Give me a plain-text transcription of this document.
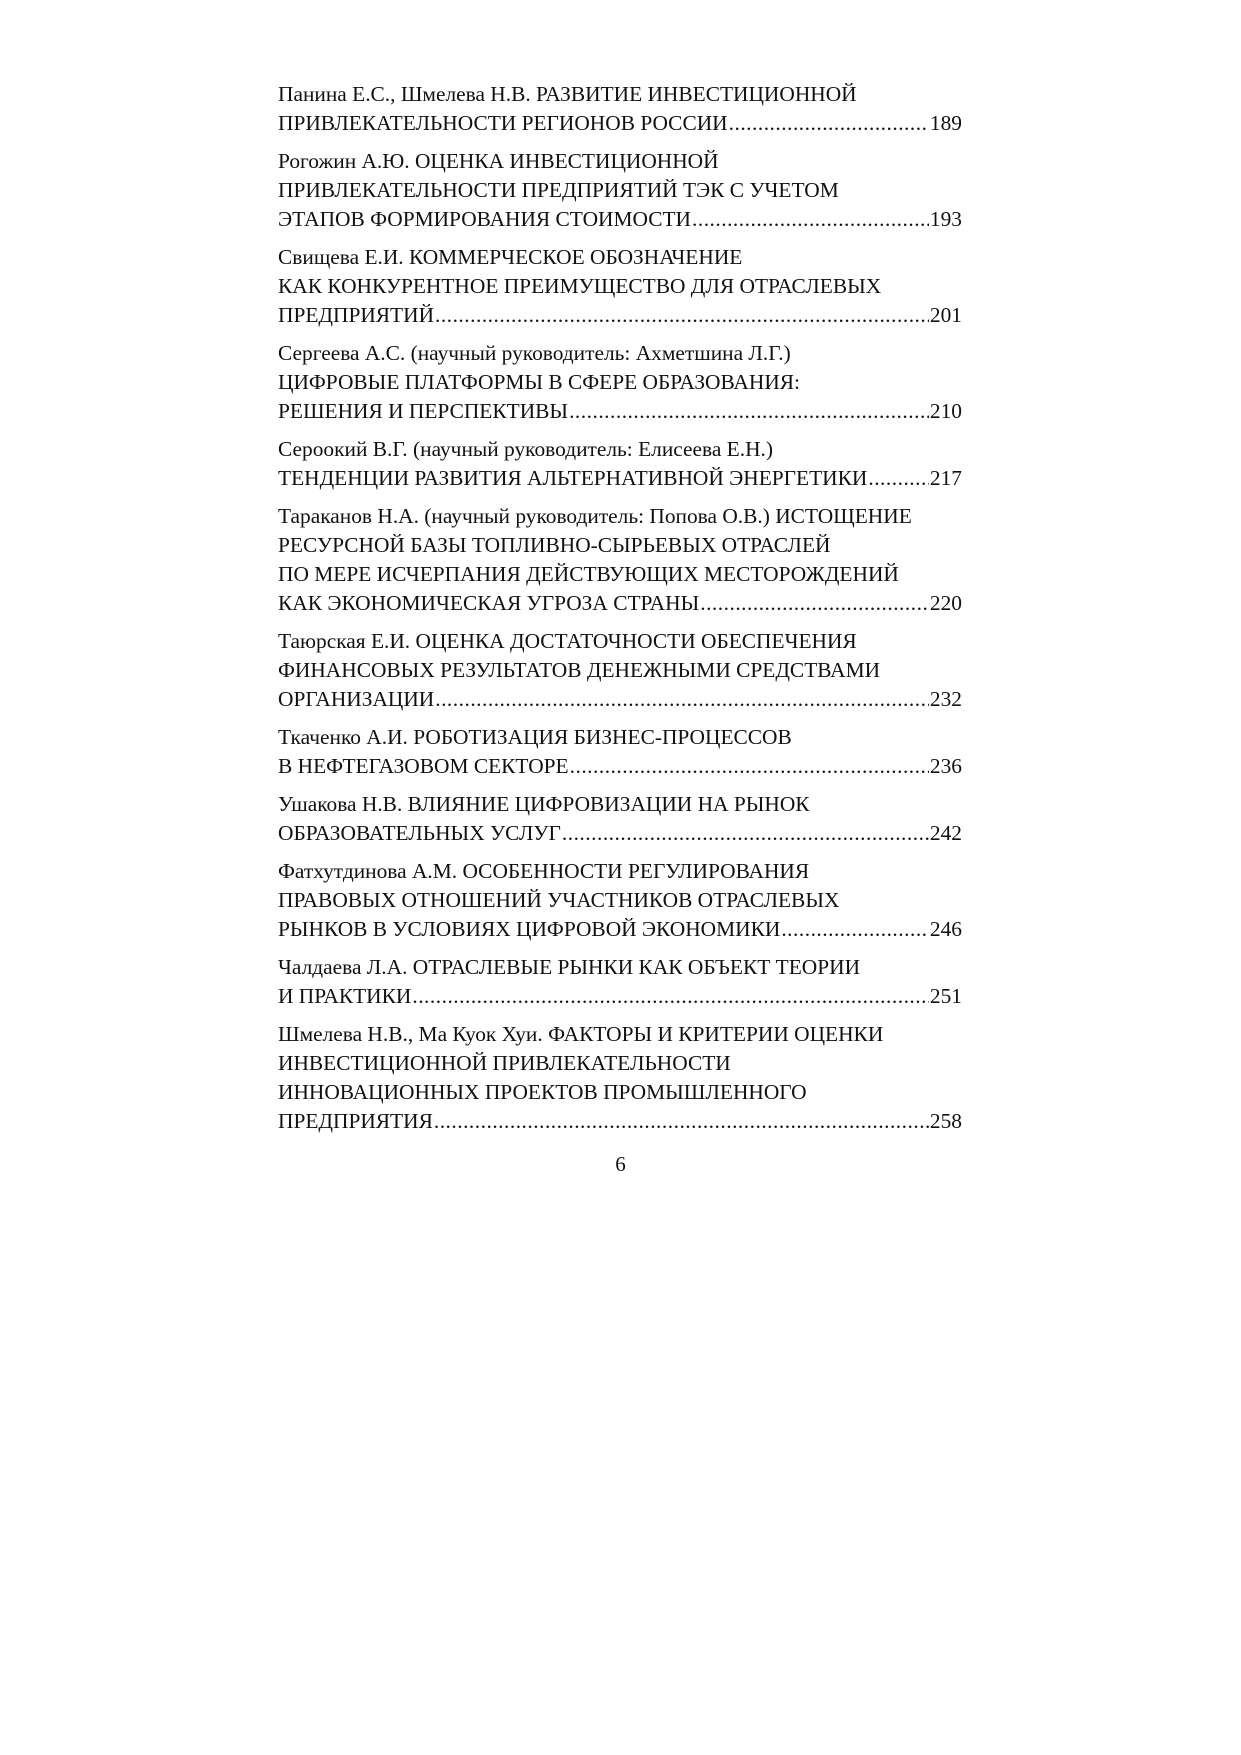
Панина Е.С., Шмелева Н.В. РАЗВИТИЕ ИНВЕСТИЦИОННОЙ
ПРИВЛЕКАТЕЛЬНОСТИ РЕГИОНОВ РОССИИ .....	189
Рогожин А.Ю. ОЦЕНКА ИНВЕСТИЦИОННОЙ
ПРИВЛЕКАТЕЛЬНОСТИ ПРЕДПРИЯТИЙ ТЭК С УЧЕТОМ
ЭТАПОВ ФОРМИРОВАНИЯ СТОИМОСТИ .....	193
Свищева Е.И. КОММЕРЧЕСКОЕ ОБОЗНАЧЕНИЕ
КАК КОНКУРЕНТНОЕ ПРЕИМУЩЕСТВО ДЛЯ ОТРАСЛЕВЫХ
ПРЕДПРИЯТИЙ .....	201
Сергеева А.С. (научный руководитель: Ахметшина Л.Г.)
ЦИФРОВЫЕ ПЛАТФОРМЫ В СФЕРЕ ОБРАЗОВАНИЯ:
РЕШЕНИЯ И ПЕРСПЕКТИВЫ .....	210
Сероокий В.Г. (научный руководитель: Елисеева Е.Н.)
ТЕНДЕНЦИИ РАЗВИТИЯ АЛЬТЕРНАТИВНОЙ ЭНЕРГЕТИКИ .....	217
Тараканов Н.А. (научный руководитель: Попова О.В.) ИСТОЩЕНИЕ
РЕСУРСНОЙ БАЗЫ ТОПЛИВНО-СЫРЬЕВЫХ ОТРАСЛЕЙ
ПО МЕРЕ ИСЧЕРПАНИЯ ДЕЙСТВУЮЩИХ МЕСТОРОЖДЕНИЙ
КАК ЭКОНОМИЧЕСКАЯ УГРОЗА СТРАНЫ .....	220
Таюрская Е.И. ОЦЕНКА ДОСТАТОЧНОСТИ ОБЕСПЕЧЕНИЯ
ФИНАНСОВЫХ РЕЗУЛЬТАТОВ ДЕНЕЖНЫМИ СРЕДСТВАМИ
ОРГАНИЗАЦИИ .....	232
Ткаченко А.И. РОБОТИЗАЦИЯ БИЗНЕС-ПРОЦЕССОВ
В НЕФТЕГАЗОВОМ СЕКТОРЕ .....	236
Ушакова Н.В. ВЛИЯНИЕ ЦИФРОВИЗАЦИИ НА РЫНОК
ОБРАЗОВАТЕЛЬНЫХ УСЛУГ .....	242
Фатхутдинова А.М. ОСОБЕННОСТИ РЕГУЛИРОВАНИЯ
ПРАВОВЫХ ОТНОШЕНИЙ УЧАСТНИКОВ ОТРАСЛЕВЫХ
РЫНКОВ В УСЛОВИЯХ ЦИФРОВОЙ ЭКОНОМИКИ .....	246
Чалдаева Л.А. ОТРАСЛЕВЫЕ РЫНКИ КАК ОБЪЕКТ ТЕОРИИ
И ПРАКТИКИ .....	251
Шмелева Н.В., Ма Куок Хуи. ФАКТОРЫ И КРИТЕРИИ ОЦЕНКИ
ИНВЕСТИЦИОННОЙ ПРИВЛЕКАТЕЛЬНОСТИ
ИННОВАЦИОННЫХ ПРОЕКТОВ ПРОМЫШЛЕННОГО
ПРЕДПРИЯТИЯ .....	258
6
